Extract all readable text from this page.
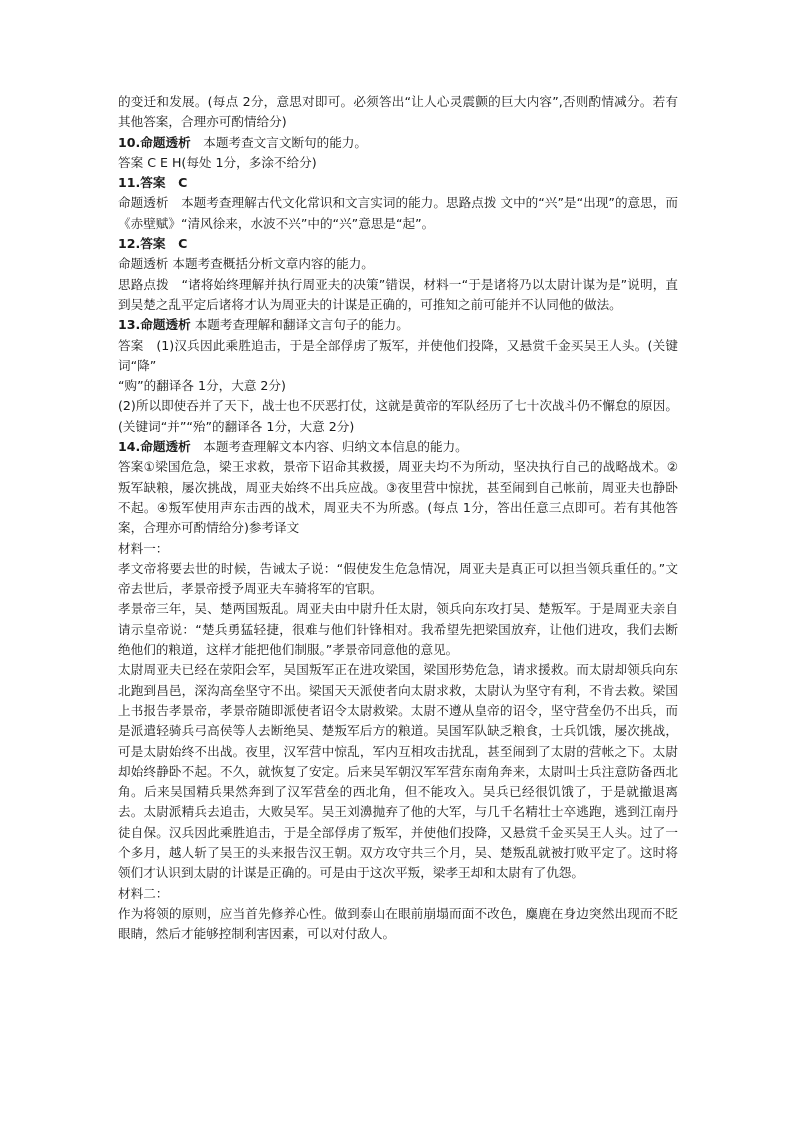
的变迁和发展。(每点 2分，意思对即可。必须答出“让人心灵震颤的巨大内容”,否则酌情减分。若有其他答案，合理亦可酌情给分)

10.命题透析　本题考查文言文断句的能力。

答案 C E H(每处 1分，多涂不给分)

11.答案　C

命题透析　本题考查理解古代文化常识和文言实词的能力。思路点拨 文中的“兴”是“出现”的意思，而《赤壁赋》“清风徐来，水波不兴”中的“兴”意思是“起”。

12.答案　C

命题透析 本题考查概括分析文章内容的能力。

思路点拨　“诸将始终理解并执行周亚夫的决策”错误，材料一“于是诸将乃以太尉计谋为是”说明，直到吴楚之乱平定后诸将才认为周亚夫的计谋是正确的，可推知之前可能并不认同他的做法。

13.命题透析 本题考查理解和翻译文言句子的能力。

答案　(1)汉兵因此乘胜追击，于是全部俘虏了叛军，并使他们投降，又悬赏千金买吴王人头。(关键词“降”

“购”的翻译各 1分，大意 2分)

(2)所以即使吞并了天下，战士也不厌恶打仗，这就是黄帝的军队经历了七十次战斗仍不懈怠的原因。(关键词“并”“殆”的翻译各 1分，大意 2分)

14.命题透析　本题考查理解文本内容、归纳文本信息的能力。

答案①梁国危急，梁王求救，景帝下诏命其救援，周亚夫均不为所动，坚决执行自己的战略战术。②叛军缺粮，屡次挑战，周亚夫始终不出兵应战。③夜里营中惊扰，甚至闹到自己帐前，周亚夫也静卧不起。④叛军使用声东击西的战术，周亚夫不为所惑。(每点 1分，答出任意三点即可。若有其他答案，合理亦可酌情给分)参考译文

材料一：

孝文帝将要去世的时候，告诫太子说：“假使发生危急情况，周亚夫是真正可以担当领兵重任的。”文帝去世后，孝景帝授予周亚夫车骑将军的官职。

孝景帝三年，吴、楚两国叛乱。周亚夫由中尉升任太尉，领兵向东攻打吴、楚叛军。于是周亚夫亲自请示皇帝说：“楚兵勇猛轻捷，很难与他们针锋相对。我希望先把梁国放弃，让他们进攻，我们去断绝他们的粮道，这样才能把他们制服。”孝景帝同意他的意见。

太尉周亚夫已经在荥阳会军，吴国叛军正在进攻梁国，梁国形势危急，请求援救。而太尉却领兵向东北跑到昌邑，深沟高垒坚守不出。梁国天天派使者向太尉求救，太尉认为坚守有利，不肯去救。梁国上书报告孝景帝，孝景帝随即派使者诏令太尉救梁。太尉不遵从皇帝的诏令，坚守营垒仍不出兵，而是派遣轻骑兵弓高侯等人去断绝吴、楚叛军后方的粮道。吴国军队缺乏粮食，士兵饥饿，屡次挑战，可是太尉始终不出战。夜里，汉军营中惊乱，军内互相攻击扰乱，甚至闹到了太尉的营帐之下。太尉却始终静卧不起。不久，就恢复了安定。后来吴军朝汉军军营东南角奔来，太尉叫士兵注意防备西北角。后来吴国精兵果然奔到了汉军营垒的西北角，但不能攻入。吴兵已经很饥饿了，于是就撤退离去。太尉派精兵去追击，大败吴军。吴王刘濞抛弃了他的大军，与几千名精壮士卒逃跑，逃到江南丹徒自保。汉兵因此乘胜追击，于是全部俘虏了叛军，并使他们投降，又悬赏千金买吴王人头。过了一个多月，越人斩了吴王的头来报告汉王朝。双方攻守共三个月，吴、楚叛乱就被打败平定了。这时将领们才认识到太尉的计谋是正确的。可是由于这次平叛，梁孝王却和太尉有了仇怨。

材料二：

作为将领的原则，应当首先修养心性。做到泰山在眼前崩塌而面不改色，麋鹿在身边突然出现而不眨眼睛，然后才能够控制利害因素，可以对付敌人。
